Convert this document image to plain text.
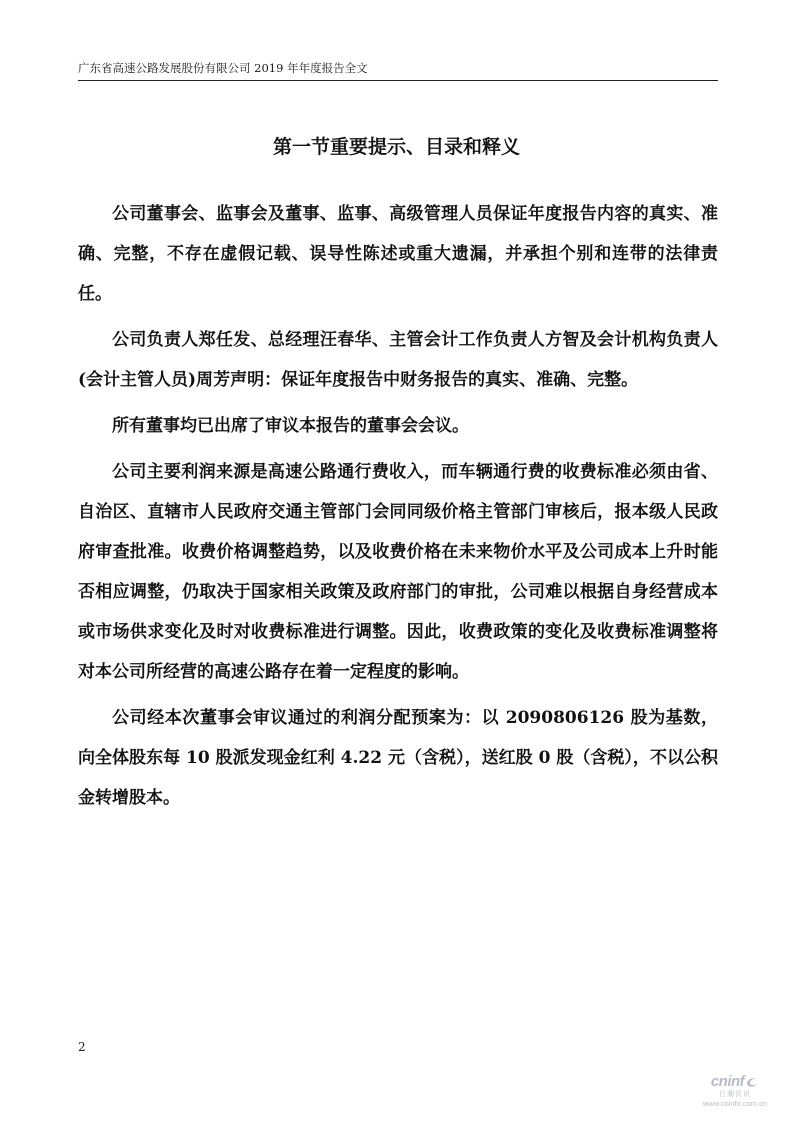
广东省高速公路发展股份有限公司 2019 年年度报告全文
第一节重要提示、目录和释义

公司董事会、监事会及董事、监事、高级管理人员保证年度报告内容的真实、准确、完整，不存在虚假记载、误导性陈述或重大遗漏，并承担个别和连带的法律责任。

公司负责人郑任发、总经理汪春华、主管会计工作负责人方智及会计机构负责人(会计主管人员)周芳声明：保证年度报告中财务报告的真实、准确、完整。

所有董事均已出席了审议本报告的董事会会议。

公司主要利润来源是高速公路通行费收入，而车辆通行费的收费标准必须由省、自治区、直辖市人民政府交通主管部门会同同级价格主管部门审核后，报本级人民政府审查批准。收费价格调整趋势，以及收费价格在未来物价水平及公司成本上升时能否相应调整，仍取决于国家相关政策及政府部门的审批，公司难以根据自身经营成本或市场供求变化及时对收费标准进行调整。因此，收费政策的变化及收费标准调整将对本公司所经营的高速公路存在着一定程度的影响。

公司经本次董事会审议通过的利润分配预案为：以 2090806126 股为基数，向全体股东每 10 股派发现金红利 4.22 元（含税），送红股 0 股（含税），不以公积金转增股本。

2
cninf
巨潮资讯
www.cninfo.com.cn
